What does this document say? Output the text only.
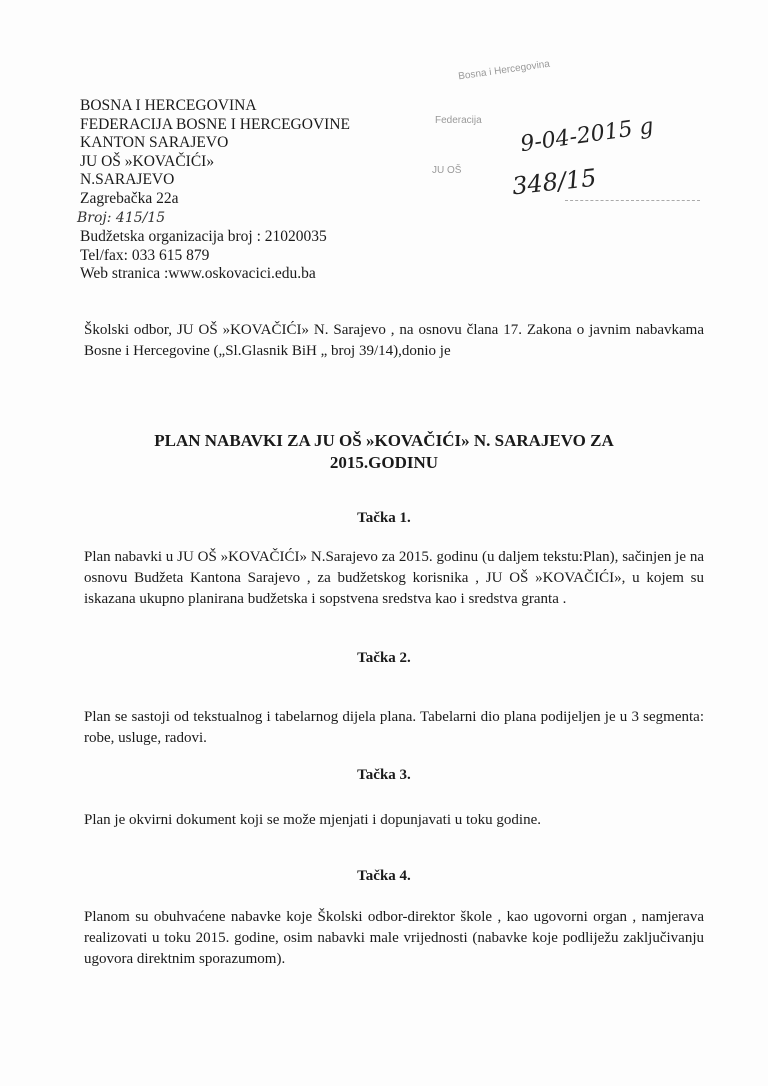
BOSNA I HERCEGOVINA
FEDERACIJA BOSNE I HERCEGOVINE
KANTON SARAJEVO
JU OŠ »KOVAČIĆI»
N.SARAJEVO
Zagrebačka 22a
Broj: 415/15
Budžetska organizacija broj : 21020035
Tel/fax: 033 615 879
Web stranica :www.oskovacici.edu.ba
Bosna i Hercegovina
Federacija
JU OŠ
9-04-2015 g
348/15

Školski odbor, JU OŠ »KOVAČIĆI» N. Sarajevo , na osnovu člana 17. Zakona o javnim nabavkama Bosne i Hercegovine („Sl.Glasnik BiH „ broj 39/14),donio je

PLAN NABAVKI ZA JU OŠ »KOVAČIĆI» N. SARAJEVO ZA 2015.GODINU
Tačka 1.

Plan nabavki u JU OŠ »KOVAČIĆI» N.Sarajevo za 2015. godinu (u daljem tekstu:Plan), sačinjen je na osnovu Budžeta Kantona Sarajevo , za budžetskog korisnika , JU OŠ »KOVAČIĆI», u kojem su iskazana ukupno planirana budžetska i sopstvena sredstva kao i sredstva granta .

Tačka 2.

Plan se sastoji od tekstualnog i tabelarnog dijela plana. Tabelarni dio plana podijeljen je u 3 segmenta: robe, usluge, radovi.

Tačka 3.

Plan je okvirni dokument koji se može mjenjati i dopunjavati u toku godine.

Tačka 4.

Planom su obuhvaćene nabavke koje Školski odbor-direktor škole , kao ugovorni organ , namjerava realizovati u toku 2015. godine, osim nabavki male vrijednosti (nabavke koje podliježu zaključivanju ugovora direktnim sporazumom).
